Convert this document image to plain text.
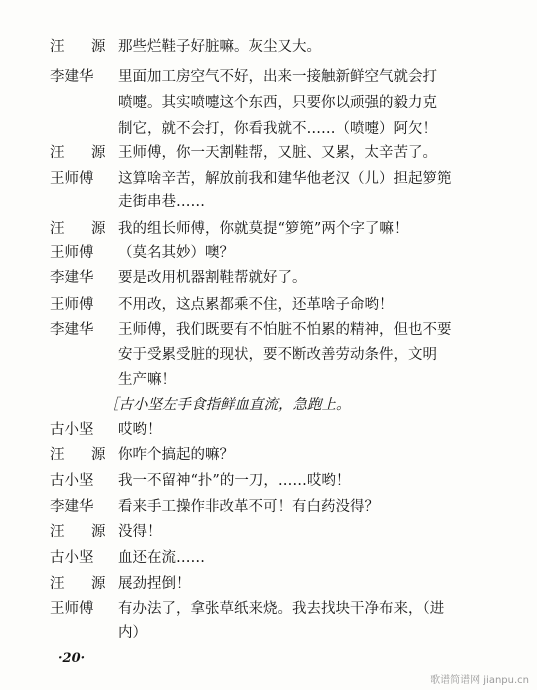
汪　源 那些烂鞋子好脏嘛。灰尘又大。
李建华	里面加工房空气不好，出来一接触新鲜空气就会打
喷嚏。其实喷嚏这个东西，只要你以顽强的毅力克
制它，就不会打，你看我就不……（喷嚏）阿欠！
汪　源 王师傅，你一天割鞋帮，又脏、又累，太辛苦了。
王师傅	这算啥辛苦，解放前我和建华他老汉（儿）担起箩篼
走街串巷……
汪　源 我的组长师傅，你就莫提“箩篼”两个字了嘛！
王师傅	（莫名其妙）噢？
李建华	要是改用机器割鞋帮就好了。
王师傅	不用改，这点累都乘不住，还革啥子命哟！
李建华	王师傅，我们既要有不怕脏不怕累的精神，但也不要
安于受累受脏的现状，要不断改善劳动条件，文明
生产嘛！
［古小坚左手食指鲜血直流，急跑上。
古小坚	哎哟！
汪　源 你咋个搞起的嘛？
古小坚	我一不留神“扑”的一刀，……哎哟！
李建华	看来手工操作非改革不可！有白药没得？
汪　源 没得！
古小坚	血还在流……
汪　源 展劲捏倒！
王师傅	有办法了，拿张草纸来烧。我去找块干净布来，（进
内）
·20·
歌谱简谱网 jianpu.cn
